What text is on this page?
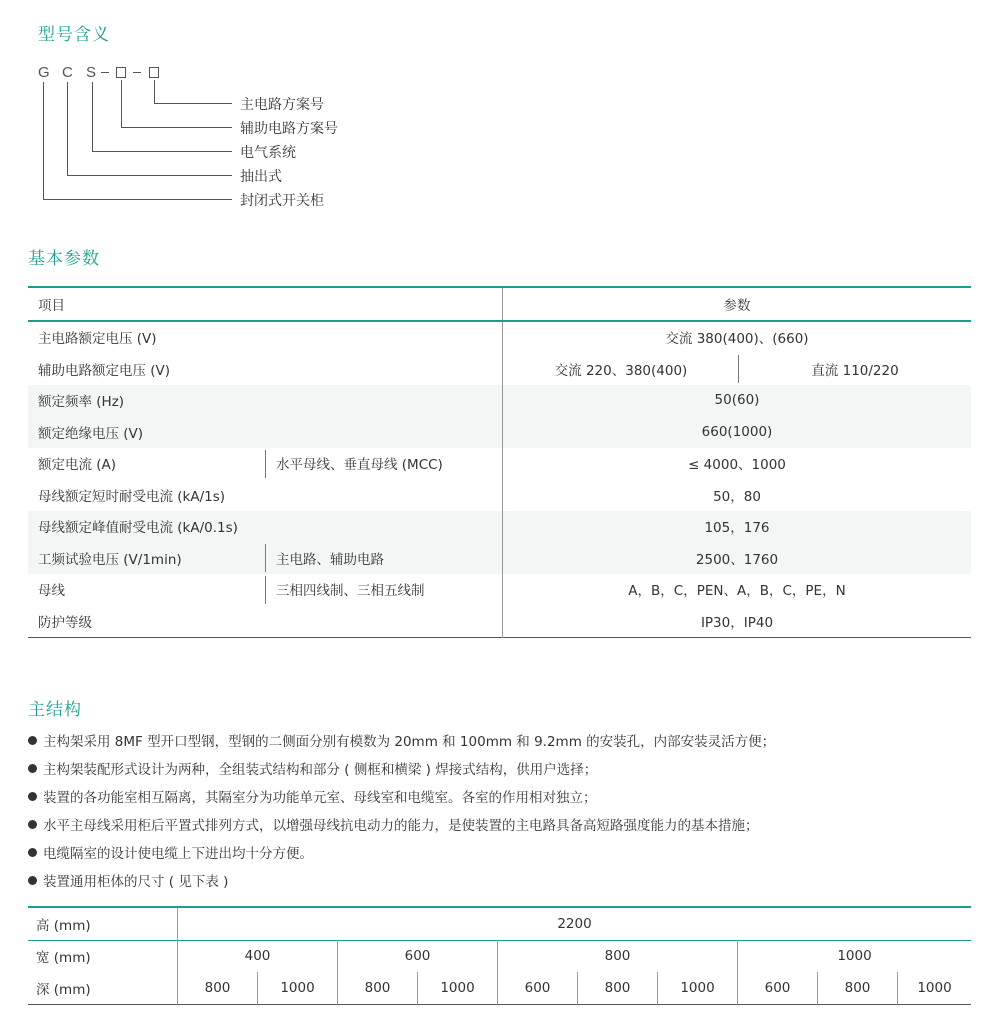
型号含义
G C S
主电路方案号
辅助电路方案号
电气系统
抽出式
封闭式开关柜
基本参数
项目		参数	
主电路额定电压 (V)		交流 380(400)、(660)	
辅助电路额定电压 (V)		交流 220、380(400)	直流 110/220
额定频率 (Hz)		50(60)	
额定绝缘电压 (V)		660(1000)	
额定电流 (A)	水平母线、垂直母线 (MCC)	≤ 4000、1000	
母线额定短时耐受电流 (kA/1s)		50，80	
母线额定峰值耐受电流 (kA/0.1s)		105，176	
工频试验电压 (V/1min)	主电路、辅助电路	2500、1760	
母线	三相四线制、三相五线制	A，B，C，PEN、A，B，C，PE，N	
防护等级		IP30，IP40	
主结构
主构架采用 8MF 型开口型钢，型钢的二侧面分别有模数为 20mm 和 100mm 和 9.2mm 的安装孔，内部安装灵活方便；
主构架装配形式设计为两种，全组装式结构和部分 ( 侧框和横梁 ) 焊接式结构，供用户选择；
装置的各功能室相互隔离，其隔室分为功能单元室、母线室和电缆室。各室的作用相对独立；
水平主母线采用柜后平置式排列方式，以增强母线抗电动力的能力，是使装置的主电路具备高短路强度能力的基本措施；
电缆隔室的设计使电缆上下进出均十分方便。
装置通用柜体的尺寸 ( 见下表 )
高 (mm)	2200									
宽 (mm)	400		600		800			1000		
深 (mm)	800	1000	800	1000	600	800	1000	600	800	1000
